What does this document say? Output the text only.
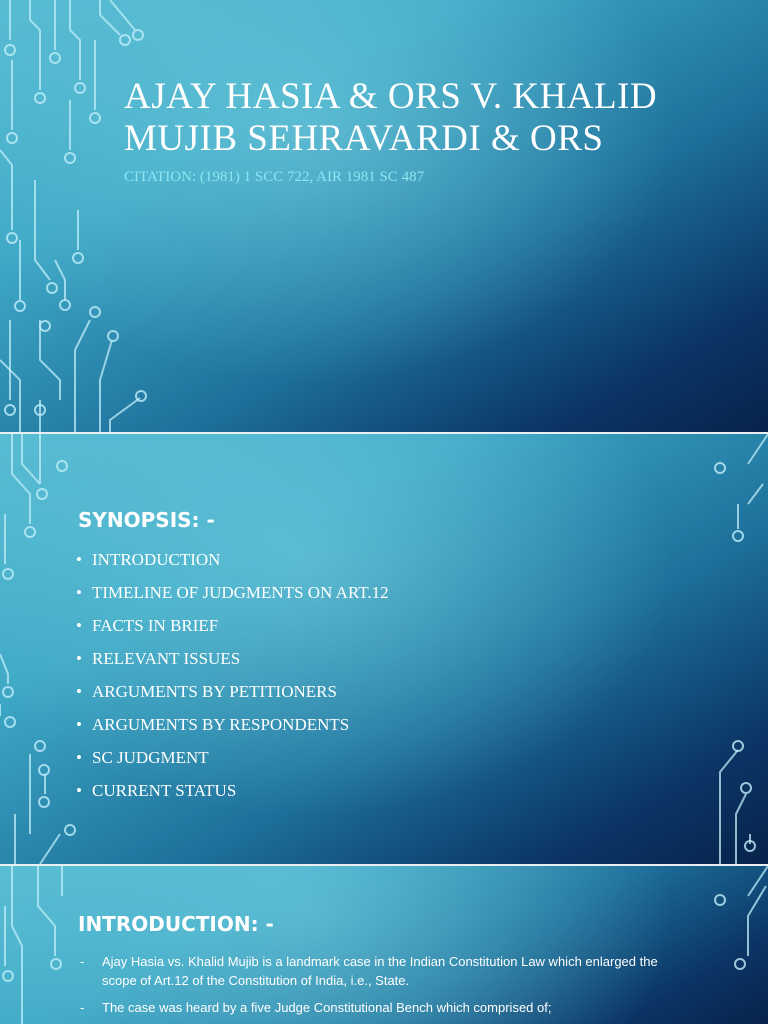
AJAY HASIA & ORS V. KHALID MUJIB SEHRAVARDI & ORS
CITATION: (1981) 1 SCC 722, AIR 1981 SC 487
SYNOPSIS: -
• INTRODUCTION
• TIMELINE OF JUDGMENTS ON ART.12
• FACTS IN BRIEF
• RELEVANT ISSUES
• ARGUMENTS BY PETITIONERS
• ARGUMENTS BY RESPONDENTS
• SC JUDGMENT
• CURRENT STATUS
INTRODUCTION: -
- Ajay Hasia vs. Khalid Mujib is a landmark case in the Indian Constitution Law which enlarged the scope of Art.12 of the Constitution of India, i.e., State.
- The case was heard by a five Judge Constitutional Bench which comprised of;
